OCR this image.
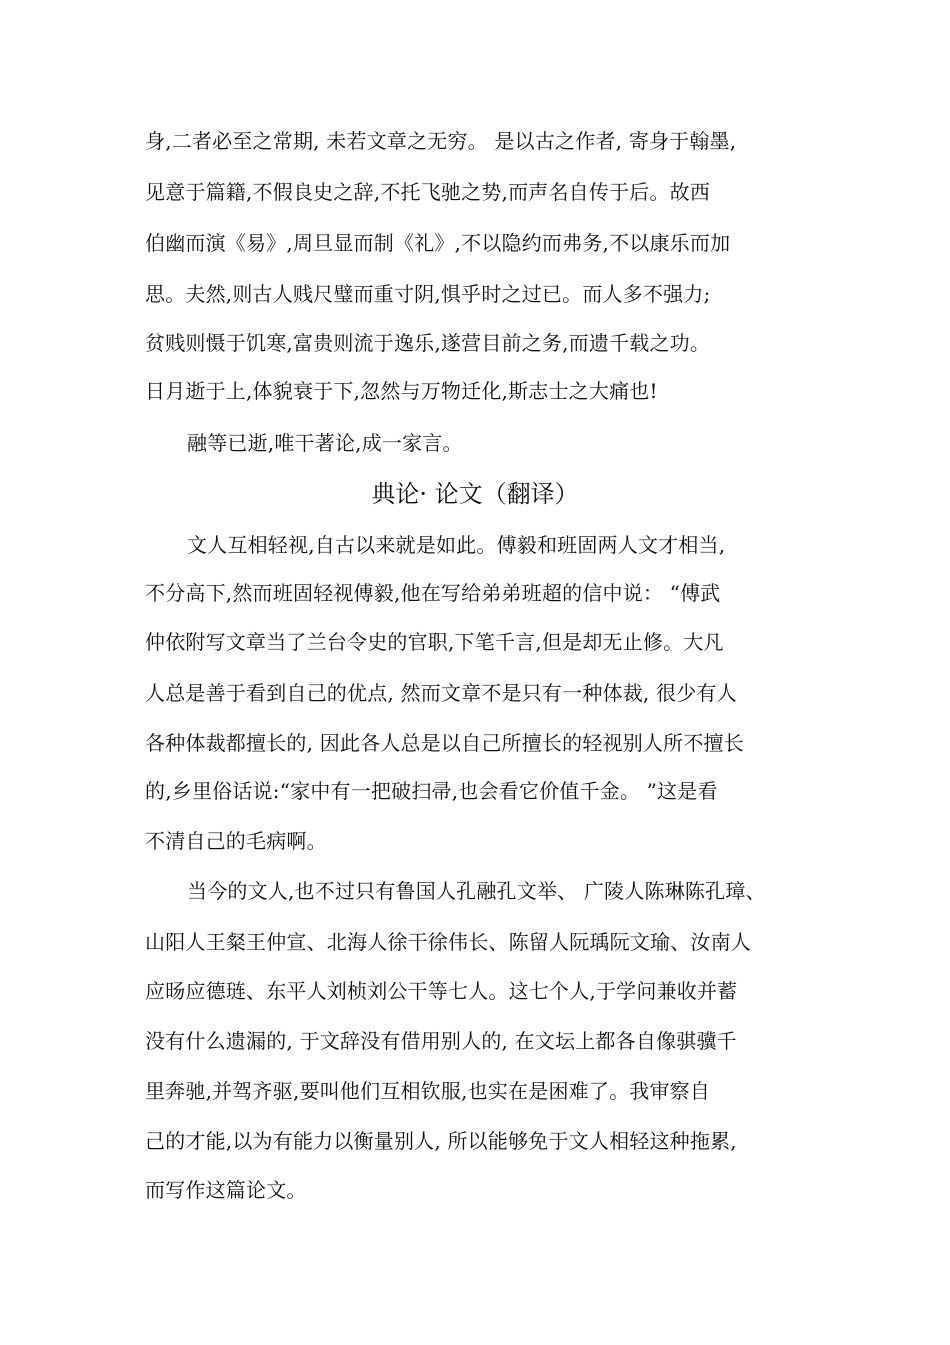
身,二者必至之常期, 未若文章之无穷。 是以古之作者, 寄身于翰墨,
见意于篇籍,不假良史之辞,不托飞驰之势,而声名自传于后。故西
伯幽而演《易》,周旦显而制《礼》,不以隐约而弗务,不以康乐而加
思。夫然,则古人贱尺璧而重寸阴,惧乎时之过已。而人多不强力;
贫贱则慑于饥寒,富贵则流于逸乐,遂营目前之务,而遗千载之功。
日月逝于上,体貌衰于下,忽然与万物迁化,斯志士之大痛也!
融等已逝,唯干著论,成一家言。
典论· 论文（翻译）
文人互相轻视,自古以来就是如此。傅毅和班固两人文才相当,
不分高下,然而班固轻视傅毅,他在写给弟弟班超的信中说： “傅武
仲依附写文章当了兰台令史的官职,下笔千言,但是却无止修。大凡
人总是善于看到自己的优点, 然而文章不是只有一种体裁, 很少有人
各种体裁都擅长的, 因此各人总是以自己所擅长的轻视别人所不擅长
的,乡里俗话说:“家中有一把破扫帚,也会看它价值千金。 ”这是看
不清自己的毛病啊。
当今的文人,也不过只有鲁国人孔融孔文举、 广陵人陈琳陈孔璋、
山阳人王粲王仲宣、北海人徐干徐伟长、陈留人阮瑀阮文瑜、汝南人
应旸应德琏、东平人刘桢刘公干等七人。这七个人,于学问兼收并蓄
没有什么遗漏的, 于文辞没有借用别人的, 在文坛上都各自像骐骥千
里奔驰,并驾齐驱,要叫他们互相钦服,也实在是困难了。我审察自
己的才能,以为有能力以衡量别人, 所以能够免于文人相轻这种拖累,
而写作这篇论文。
